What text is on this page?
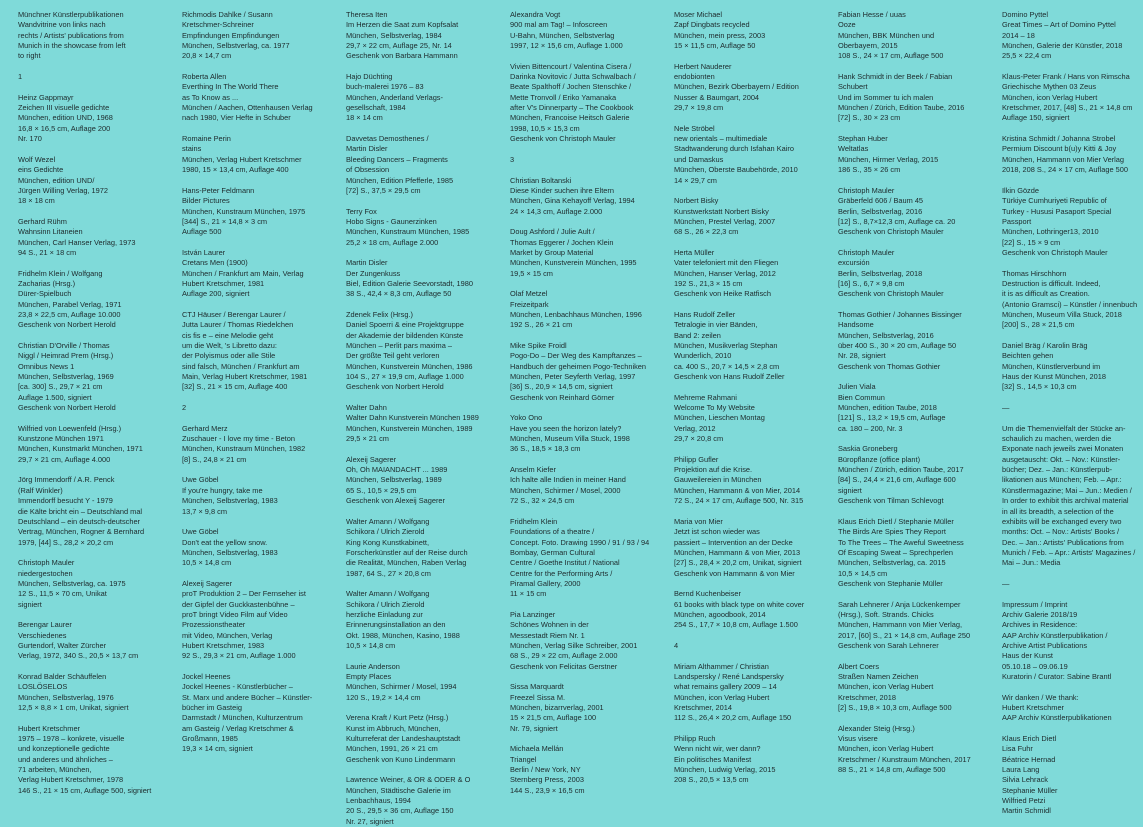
Münchner Künstlerpublikationen
Wandvitrine von links nach
rechts / Artists' publications from
Munich in the showcase from left
to right
1
Heinz Gappmayr
Zeichen III visuelle gedichte
München, edition UND, 1968
16,8 × 16,5 cm, Auflage 200
Nr. 170
Wolf Wezel
eins Gedichte
München, edition UND/
Jürgen Willing Verlag, 1972
18 × 18 cm
Gerhard Rühm
Wahnsinn Litaneien
München, Carl Hanser Verlag, 1973
94 S., 21 × 18 cm
Fridhelm Klein / Wolfgang
Zacharias (Hrsg.)
Dürer-Spielbuch
München, Parabel Verlag, 1971
23,8 × 22,5 cm, Auflage 10.000
Geschenk von Norbert Herold
Christian D'Orville / Thomas
Niggl / Heimrad Prem (Hrsg.)
Omnibus News 1
München, Selbstverlag, 1969
[ca. 300] S., 29,7 × 21 cm
Auflage 1.500, signiert
Geschenk von Norbert Herold
Wilfried von Loewenfeld (Hrsg.)
Kunstzone München 1971
München, Kunstmarkt München, 1971
29,7 × 21 cm, Auflage 4.000
Jörg Immendorff / A.R. Penck
(Ralf Winkler)
Immendorff besucht Y - 1979
die Kälte bricht ein – Deutschland mal
Deutschland – ein deutsch-deutscher
Vertrag, München, Rogner & Bernhard
1979, [44] S., 28,2 × 20,2 cm
Christoph Mauler
niedergestochen
München, Selbstverlag, ca. 1975
12 S., 11,5 × 70 cm, Unikat
signiert
Berengar Laurer
Verschiedenes
Gurtendorf, Walter Zürcher
Verlag, 1972, 340 S., 20,5 × 13,7 cm
Konrad Balder Schäuffelen
LOSLÖSELOS
München, Selbstverlag, 1976
12,5 × 8,8 × 1 cm, Unikat, signiert
Hubert Kretschmer
1975 – 1978 – konkrete, visuelle
und konzeptionelle gedichte
und anderes und ähnliches –
71 arbeiten, München,
Verlag Hubert Kretschmer, 1978
146 S., 21 × 15 cm, Auflage 500, signiert
Richmodis Dahlke / Susann
Kretschmer-Schreiner
Empfindungen Empfindungen
München, Selbstverlag, ca. 1977
20,8 × 14,7 cm
Roberta Allen
Everthing In The World There
as To Know as ...
München / Aachen, Ottenhausen Verlag
nach 1980, Vier Hefte in Schuber
Romaine Perin
stains
München, Verlag Hubert Kretschmer
1980, 15 × 13,4 cm, Auflage 400
Hans-Peter Feldmann
Bilder Pictures
München, Kunstraum München, 1975
[344] S., 21 × 14,8 × 3 cm
Auflage 500
István Laurer
Cretans Men (1900)
München / Frankfurt am Main, Verlag
Hubert Kretschmer, 1981
Auflage 200, signiert
CTJ Häuser / Berengar Laurer /
Jutta Laurer / Thomas Riedelchen
cis fis e – eine Melodie geht
um die Welt, 's Libretto dazu:
der Polyismus oder alle Stile
sind falsch, München / Frankfurt am
Main, Verlag Hubert Kretschmer, 1981
[32] S., 21 × 15 cm, Auflage 400
2
Gerhard Merz
Zuschauer - I love my time - Beton
München, Kunstraum München, 1982
[8] S., 24,8 × 21 cm
Uwe Göbel
If you're hungry, take me
München, Selbstverlag, 1983
13,7 × 9,8 cm
Uwe Göbel
Don't eat the yellow snow.
München, Selbstverlag, 1983
10,5 × 14,8 cm
Alexeij Sagerer
proT Produktion 2 – Der Fernseher ist
der Gipfel der Guckkastenbühne –
proT bringt Video Film auf Video
Prozessionstheater
mit Video, München, Verlag
Hubert Kretschmer, 1983
92 S., 29,3 × 21 cm, Auflage 1.000
Jockel Heenes
Jockel Heenes - Künstlerbücher –
St. Marx und andere Bücher – Künstler-
bücher im Gasteig
Darmstadt / München, Kulturzentrum
am Gasteig / Verlag Kretschmer &
Großmann, 1985
19,3 × 14 cm, signiert
Theresa Iten
Im Herzen die Saat zum Kopfsalat
München, Selbstverlag, 1984
29,7 × 22 cm, Auflage 25, Nr. 14
Geschenk von Barbara Hammann
Hajo Düchting
buch-malerei 1976 – 83
München, Anderland Verlags-
gesellschaft, 1984
18 × 14 cm
Davvetas Demosthenes /
Martin Disler
Bleeding Dancers – Fragments
of Obsession
München, Edition Pfefferle, 1985
[72] S., 37,5 × 29,5 cm
Terry Fox
Hobo Signs - Gaunerzinken
München, Kunstraum München, 1985
25,2 × 18 cm, Auflage 2.000
Martin Disler
Der Zungenkuss
Biel, Edition Galerie Seevorstadt, 1980
38 S., 42,4 × 8,3 cm, Auflage 50
Zdenek Felix (Hrsg.)
Daniel Spoerri & eine Projektgruppe
der Akademie der bildenden Künste
München – Perlit pars maxima –
Der größte Teil geht verloren
München, Kunstverein München, 1986
104 S., 27 × 19,9 cm, Auflage 1.000
Geschenk von Norbert Herold
Walter Dahn
Walter Dahn Kunstverein München 1989
München, Kunstverein München, 1989
29,5 × 21 cm
Alexeij Sagerer
Oh, Oh MAIANDACHT ... 1989
München, Selbstverlag, 1989
65 S., 10,5 × 29,5 cm
Geschenk von Alexeij Sagerer
Walter Amann / Wolfgang
Schikora / Ulrich Zierold
King Kong Kunstkabinett,
Forscherkünstler auf der Reise durch
die Realität, München, Raben Verlag
1987, 64 S., 27 × 20,8 cm
Walter Amann / Wolfgang
Schikora / Ulrich Zierold
herzliche Einladung zur
Erinnerungsinstallation an den
Okt. 1988, München, Kasino, 1988
10,5 × 14,8 cm
Laurie Anderson
Empty Places
München, Schirmer / Mosel, 1994
120 S., 19,2 × 14,4 cm
Verena Kraft / Kurt Petz (Hrsg.)
Kunst im Abbruch, München,
Kulturreferat der Landeshauptstadt
München, 1991, 26 × 21 cm
Geschenk von Kuno Lindenmann
Lawrence Weiner, & OR & ODER & O
München, Städtische Galerie im
Lenbachhaus, 1994
20 S., 29,5 × 36 cm, Auflage 150
Nr. 27, signiert
Alexandra Vogt
900 mal am Tag! – Infoscreen
U-Bahn, München, Selbstverlag
1997, 12 × 15,6 cm, Auflage 1.000
Vivien Bittencourt / Valentina Cisera /
Darinka Novitovic / Jutta Schwalbach /
Beate Spalthoff / Jochen Stenschke /
Mette Tronvoll / Eriko Yamanaka
after V's Dinnerparty – The Cookbook
München, Francoise Heitsch Galerie
1998, 10,5 × 15,3 cm
Geschenk von Christoph Mauler
3
Christian Boltanski
Diese Kinder suchen ihre Eltern
München, Gina Kehayoff Verlag, 1994
24 × 14,3 cm, Auflage 2.000
Doug Ashford / Julie Ault /
Thomas Eggerer / Jochen Klein
Market by Group Material
München, Kunstverein München, 1995
19,5 × 15 cm
Olaf Metzel
Freizeitpark
München, Lenbachhaus München, 1996
192 S., 26 × 21 cm
Mike Spike Froidl
Pogo-Do – Der Weg des Kampftanzes –
Handbuch der geheimen Pogo-Techniken
München, Peter Seyferth Verlag, 1997
[36] S., 20,9 × 14,5 cm, signiert
Geschenk von Reinhard Görner
Yoko Ono
Have you seen the horizon lately?
München, Museum Villa Stuck, 1998
36 S., 18,5 × 18,3 cm
Anselm Kiefer
Ich halte alle Indien in meiner Hand
München, Schirmer / Mosel, 2000
72 S., 32 × 24,5 cm
Fridhelm Klein
Foundations of a theatre /
Concept. Foto. Drawing 1990 / 91 / 93 / 94
Bombay, German Cultural
Centre / Goethe Institut / National
Centre for the Performing Arts /
Piramal Gallery, 2000
11 × 15 cm
Pia Lanzinger
Schönes Wohnen in der
Messestadt Riem Nr. 1
München, Verlag Silke Schreiber, 2001
68 S., 29 × 22 cm, Auflage 2.000
Geschenk von Felicitas Gerstner
Sissa Marquardt
Freezel Sissa M.
München, bizarrverlag, 2001
15 × 21,5 cm, Auflage 100
Nr. 79, signiert
Michaela Mellán
Triangel
Berlin / New York, NY
Sternberg Press, 2003
144 S., 23,9 × 16,5 cm
Moser Michael
Zapf Dingbats recycled
München, mein press, 2003
15 × 11,5 cm, Auflage 50
Herbert Nauderer
endobionten
München, Bezirk Oberbayern / Edition
Nusser & Baumgart, 2004
29,7 × 19,8 cm
Nele Ströbel
new orientals – multimediale
Stadtwanderung durch Isfahan Kairo
und Damaskus
München, Oberste Baubehörde, 2010
14 × 29,7 cm
Norbert Bisky
Kunstwerkstatt Norbert Bisky
München, Prestel Verlag, 2007
68 S., 26 × 22,3 cm
Herta Müller
Vater telefoniert mit den Fliegen
München, Hanser Verlag, 2012
192 S., 21,3 × 15 cm
Geschenk von Heike Ratfisch
Hans Rudolf Zeller
Tetralogie in vier Bänden,
Band 2: zeilen
München, Musikverlag Stephan
Wunderlich, 2010
ca. 400 S., 20,7 × 14,5 × 2,8 cm
Geschenk von Hans Rudolf Zeller
Mehreme Rahmani
Welcome To My Website
München, Lieschen Montag
Verlag, 2012
29,7 × 20,8 cm
Philipp Gufler
Projektion auf die Krise.
Gauweilereien in München
München, Hammann & von Mier, 2014
72 S., 24 × 17 cm, Auflage 500, Nr. 315
Maria von Mier
Jetzt ist schon wieder was
passiert – Intervention an der Decke
München, Hammann & von Mier, 2013
[27] S., 28,4 × 20,2 cm, Unikat, signiert
Geschenk von Hammann & von Mier
Bernd Kuchenbeiser
61 books with black type on white cover
München, agoodbook, 2014
254 S., 17,7 × 10,8 cm, Auflage 1.500
4
Miriam Althammer / Christian
Landspersky / René Landspersky
what remains gallery 2009 – 14
München, icon Verlag Hubert
Kretschmer, 2014
112 S., 26,4 × 20,2 cm, Auflage 150
Philipp Ruch
Wenn nicht wir, wer dann?
Ein politisches Manifest
München, Ludwig Verlag, 2015
208 S., 20,5 × 13,5 cm
Fabian Hesse / uuas
Ooze
München, BBK München und
Oberbayern, 2015
108 S., 24 × 17 cm, Auflage 500
Hank Schmidt in der Beek / Fabian
Schubert
Und im Sommer tu ich malen
München / Zürich, Edition Taube, 2016
[72] S., 30 × 23 cm
Stephan Huber
Weltatlas
München, Hirmer Verlag, 2015
186 S., 35 × 26 cm
Christoph Mauler
Gräberfeld 606 / Baum 45
Berlin, Selbstverlag, 2016
[12] S., 8,7×12,3 cm, Auflage ca. 20
Geschenk von Christoph Mauler
Christoph Mauler
excursión
Berlin, Selbstverlag, 2018
[16] S., 6,7 × 9,8 cm
Geschenk von Christoph Mauler
Thomas Gothier / Johannes Bissinger
Handsome
München, Selbstverlag, 2016
über 400 S., 30 × 20 cm, Auflage 50
Nr. 28, signiert
Geschenk von Thomas Gothier
Julien Viala
Bien Commun
München, edition Taube, 2018
[121] S., 13,2 × 19,5 cm, Auflage
ca. 180 – 200, Nr. 3
Saskia Groneberg
Büropflanze (office plant)
München / Zürich, edition Taube, 2017
[84] S., 24,4 × 21,6 cm, Auflage 600
signiert
Geschenk von Tilman Schlevogt
Klaus Erich Dietl / Stephanie Müller
The Birds Are Spies They Report
To The Trees – The Aweful Sweetness
Of Escaping Sweat – Sprechperlen
München, Selbstverlag, ca. 2015
10,5 × 14,5 cm
Geschenk von Stephanie Müller
Sarah Lehnerer / Anja Lückenkemper
(Hrsg.), Soft. Strands. Chicks
München, Hammann von Mier Verlag,
2017, [60] S., 21 × 14,8 cm, Auflage 250
Geschenk von Sarah Lehnerer
Albert Coers
Straßen Namen Zeichen
München, icon Verlag Hubert
Kretschmer, 2018
[2] S., 19,8 × 10,3 cm, Auflage 500
Alexander Steig (Hrsg.)
Visus visere
München, icon Verlag Hubert
Kretschmer / Kunstraum München, 2017
88 S., 21 × 14,8 cm, Auflage 500
Domino Pyttel
Great Times – Art of Domino Pyttel
2014 – 18
München, Galerie der Künstler, 2018
25,5 × 22,4 cm
Klaus-Peter Frank / Hans von Rimscha
Griechische Mythen 03 Zeus
München, icon Verlag Hubert
Kretschmer, 2017, [48] S., 21 × 14,8 cm
Auflage 150, signiert
Kristina Schmidt / Johanna Strobel
Permium Discount b(u)y Kitti & Joy
München, Hammann von Mier Verlag
2018, 208 S., 24 × 17 cm, Auflage 500
Ilkin Gözde
Türkiye Cumhuriyeti Republic of
Turkey - Hususi Pasaport Special
Passport
München, Lothringer13, 2010
[22] S., 15 × 9 cm
Geschenk von Christoph Mauler
Thomas Hirschhorn
Destruction is difficult. Indeed,
it is as difficult as Creation.
(Antonio Gramsci) – Künstler / innenbuch
München, Museum Villa Stuck, 2018
[200] S., 28 × 21,5 cm
Daniel Bräg / Karolin Bräg
Beichten gehen
München, Künstlerverbund im
Haus der Kunst München, 2018
[32] S., 14,5 × 10,3 cm
—
Um die Themenvielfalt der Stücke an-
schaulich zu machen, werden die
Exponate nach jeweils zwei Monaten
ausgetauscht: Okt. – Nov.: Künstler-
bücher; Dez. – Jan.: Künstlerpub-
likationen aus München; Feb. – Apr.:
Künstlermagazine; Mai – Jun.: Medien /
In order to exhibit this archival material
in all its breadth, a selection of the
exhibits will be exchanged every two
months: Oct. – Nov.: Artists' Books /
Dec. – Jan.: Artists' Publications from
Munich / Feb. – Apr.: Artists' Magazines /
Mai – Jun.: Media
—
Impressum / Imprint
Archiv Galerie 2018/19
Archives in Residence:
AAP Archiv Künstlerpublikation /
Archive Artist Publications
Haus der Kunst
05.10.18 – 09.06.19
Kuratorin / Curator: Sabine Brantl
Wir danken / We thank:
Hubert Kretschmer
AAP Archiv Künstlerpublikationen
Klaus Erich Dietl
Lisa Fuhr
Béatrice Hernad
Laura Lang
Silvia Lehrack
Stephanie Müller
Wilfried Petzi
Martin Schmidl
